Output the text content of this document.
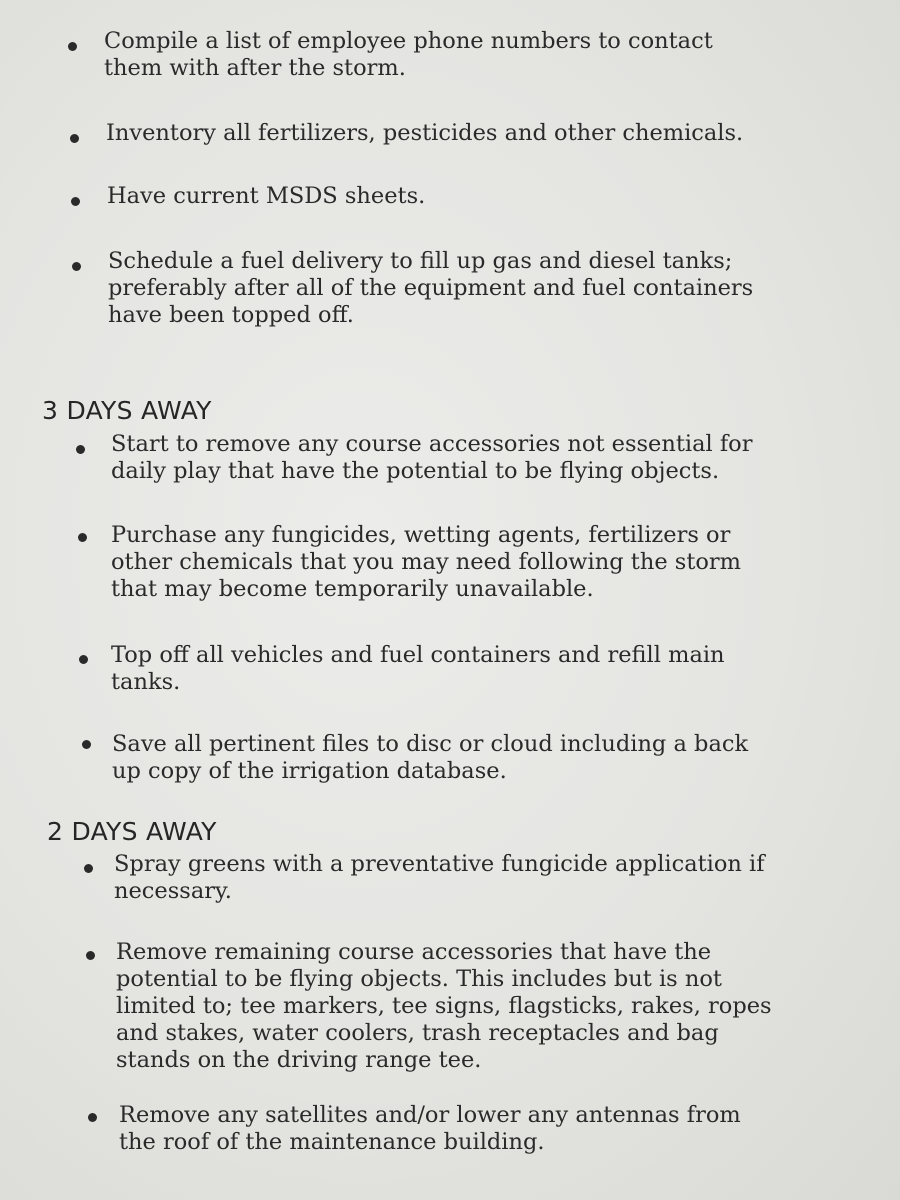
Compile a list of employee phone numbers to contact
them with after the storm.
Inventory all fertilizers, pesticides and other chemicals.
Have current MSDS sheets.
Schedule a fuel delivery to fill up gas and diesel tanks;
preferably after all of the equipment and fuel containers
have been topped off.
3 DAYS AWAY
Start to remove any course accessories not essential for
daily play that have the potential to be flying objects.
Purchase any fungicides, wetting agents, fertilizers or
other chemicals that you may need following the storm
that may become temporarily unavailable.
Top off all vehicles and fuel containers and refill main
tanks.
Save all pertinent files to disc or cloud including a back
up copy of the irrigation database.
2 DAYS AWAY
Spray greens with a preventative fungicide application if
necessary.
Remove remaining course accessories that have the
potential to be flying objects. This includes but is not
limited to; tee markers, tee signs, flagsticks, rakes, ropes
and stakes, water coolers, trash receptacles and bag
stands on the driving range tee.
Remove any satellites and/or lower any antennas from
the roof of the maintenance building.
